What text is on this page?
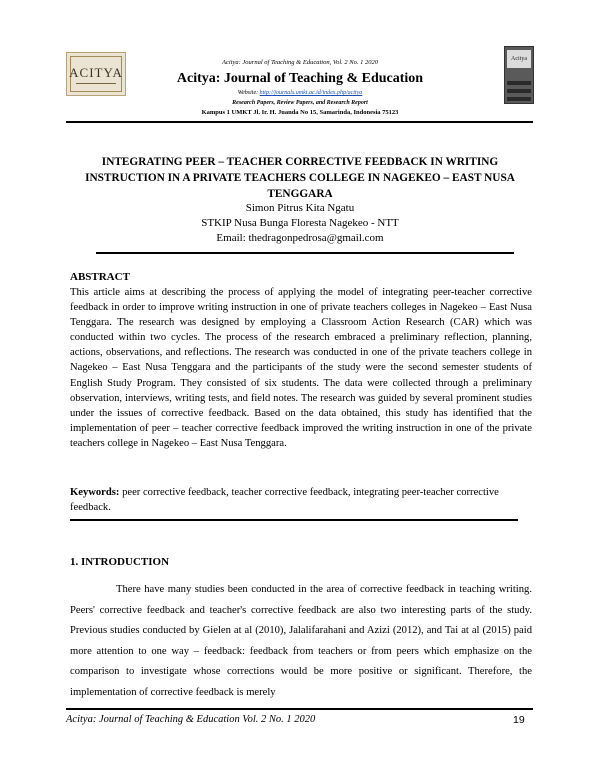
ACITYA
Acitya: Journal of Teaching & Education, Vol. 2 No. 1 2020
Acitya: Journal of Teaching & Education
Website: http://journals.umkt.ac.id/index.php/acitya
Research Papers, Review Papers, and Research Report
Kampus 1 UMKT Jl. Ir. H. Juanda No 15, Samarinda, Indonesia 75123
Acitya
INTEGRATING PEER – TEACHER CORRECTIVE FEEDBACK IN WRITING INSTRUCTION IN A PRIVATE TEACHERS COLLEGE IN NAGEKEO – EAST NUSA TENGGARA
Simon Pitrus Kita Ngatu
STKIP Nusa Bunga Floresta Nagekeo - NTT
Email: thedragonpedrosa@gmail.com
ABSTRACT
This article aims at describing the process of applying the model of integrating peer-teacher corrective feedback in order to improve writing instruction in one of private teachers colleges in Nagekeo – East Nusa Tenggara. The research was designed by employing a Classroom Action Research (CAR) which was conducted within two cycles. The process of the research embraced a preliminary reflection, planning, actions, observations, and reflections. The research was conducted in one of the private teachers college in Nagekeo – East Nusa Tenggara and the participants of the study were the second semester students of English Study Program. They consisted of six students. The data were collected through a preliminary observation, interviews, writing tests, and field notes. The research was guided by several prominent studies under the issues of corrective feedback. Based on the data obtained, this study has identified that the implementation of peer – teacher corrective feedback improved the writing instruction in one of the private teachers college in Nagekeo – East Nusa Tenggara.
Keywords: peer corrective feedback, teacher corrective feedback, integrating peer-teacher corrective feedback.
1. INTRODUCTION
There have many studies been conducted in the area of corrective feedback in teaching writing. Peers' corrective feedback and teacher's corrective feedback are also two interesting parts of the study. Previous studies conducted by Gielen at al (2010), Jalalifarahani and Azizi (2012), and Tai at al (2015) paid more attention to one way – feedback: feedback from teachers or from peers which emphasize on the comparison to investigate whose corrections would be more positive or significant. Therefore, the implementation of corrective feedback is merely
Acitya: Journal of Teaching & Education Vol. 2 No. 1 2020	19
